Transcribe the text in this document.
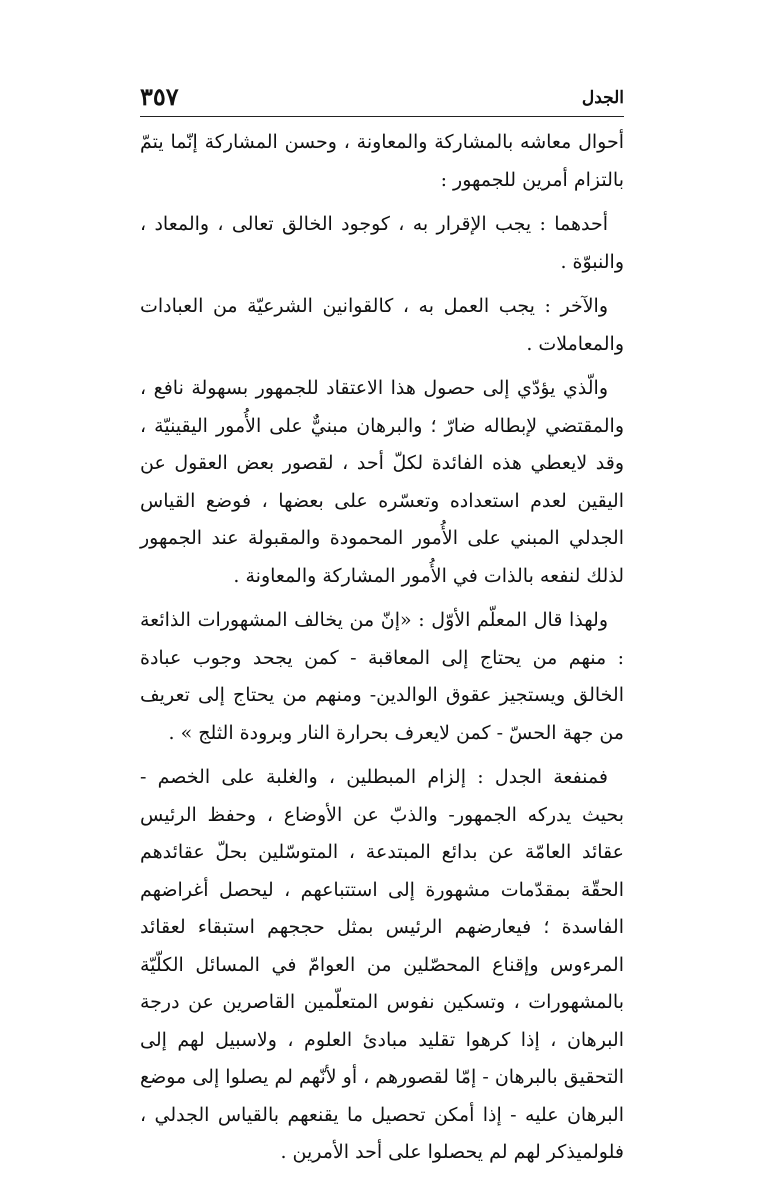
الجدل
٣٥٧

أحوال معاشه بالمشاركة والمعاونة ، وحسن المشاركة إنّما يتمّ بالتزام أمرين للجمهور :

أحدهما : يجب الإقرار به ، كوجود الخالق تعالى ، والمعاد ، والنبوّة .

والآخر : يجب العمل به ، كالقوانين الشرعيّة من العبادات والمعاملات .

والّذي يؤدّي إلى حصول هذا الاعتقاد للجمهور بسهولة نافع ، والمقتضي لإبطاله ضارّ ؛ والبرهان مبنيٌّ على الأُمور اليقينيّة ، وقد لايعطي هذه الفائدة لكلّ أحد ، لقصور بعض العقول عن اليقين لعدم استعداده وتعسّره على بعضها ، فوضع القياس الجدلي المبني على الأُمور المحمودة والمقبولة عند الجمهور لذلك لنفعه بالذات في الأُمور المشاركة والمعاونة .

ولهذا قال المعلّم الأوّل : «إنّ من يخالف المشهورات الذائعة : منهم من يحتاج إلى المعاقبة - كمن يجحد وجوب عبادة الخالق ويستجيز عقوق الوالدين- ومنهم من يحتاج إلى تعريف من جهة الحسّ - كمن لايعرف بحرارة النار وبرودة الثلج » .

فمنفعة الجدل : إلزام المبطلين ، والغلبة على الخصم - بحيث يدركه الجمهور- والذبّ عن الأوضاع ، وحفظ الرئيس عقائد العامّة عن بدائع المبتدعة ، المتوسّلين بحلّ عقائدهم الحقّة بمقدّمات مشهورة إلى استتباعهم ، ليحصل أغراضهم الفاسدة ؛ فيعارضهم الرئيس بمثل حججهم استبقاء لعقائد المرءوس وإقناع المحصّلين من العوامّ في المسائل الكلّيّة بالمشهورات ، وتسكين نفوس المتعلّمين القاصرين عن درجة البرهان ، إذا كرهوا تقليد مبادئ العلوم ، ولاسبيل لهم إلى التحقيق بالبرهان - إمّا لقصورهم ، أو لأنّهم لم يصلوا إلى موضع البرهان عليه - إذا أمكن تحصيل ما يقنعهم بالقياس الجدلي ، فلولميذكر لهم لم يحصلوا على أحد الأمرين .
